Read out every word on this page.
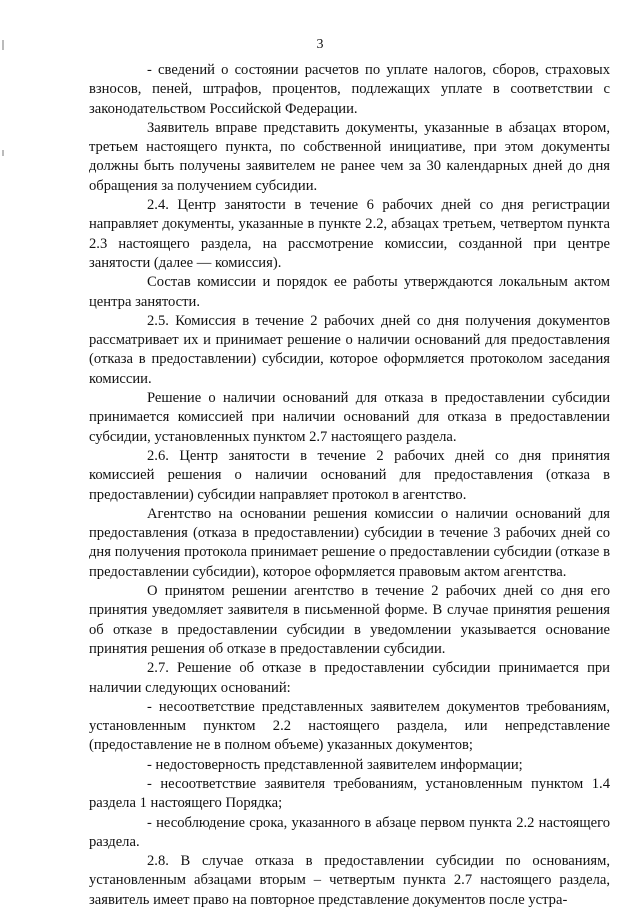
3

- сведений о состоянии расчетов по уплате налогов, сборов, страховых взносов, пеней, штрафов, процентов, подлежащих уплате в соответствии с законодательством Российской Федерации.

Заявитель вправе представить документы, указанные в абзацах втором, третьем настоящего пункта, по собственной инициативе, при этом документы должны быть получены заявителем не ранее чем за 30 календарных дней до дня обращения за получением субсидии.

2.4. Центр занятости в течение 6 рабочих дней со дня регистрации направляет документы, указанные в пункте 2.2, абзацах третьем, четвертом пункта 2.3 настоящего раздела, на рассмотрение комиссии, созданной при центре занятости (далее — комиссия).

Состав комиссии и порядок ее работы утверждаются локальным актом центра занятости.

2.5. Комиссия в течение 2 рабочих дней со дня получения документов рассматривает их и принимает решение о наличии оснований для предоставления (отказа в предоставлении) субсидии, которое оформляется протоколом заседания комиссии.

Решение о наличии оснований для отказа в предоставлении субсидии принимается комиссией при наличии оснований для отказа в предоставлении субсидии, установленных пунктом 2.7 настоящего раздела.

2.6. Центр занятости в течение 2 рабочих дней со дня принятия комиссией решения о наличии оснований для предоставления (отказа в предоставлении) субсидии направляет протокол в агентство.

Агентство на основании решения комиссии о наличии оснований для предоставления (отказа в предоставлении) субсидии в течение 3 рабочих дней со дня получения протокола принимает решение о предоставлении субсидии (отказе в предоставлении субсидии), которое оформляется правовым актом агентства.

О принятом решении агентство в течение 2 рабочих дней со дня его принятия уведомляет заявителя в письменной форме. В случае принятия решения об отказе в предоставлении субсидии в уведомлении указывается основание принятия решения об отказе в предоставлении субсидии.

2.7. Решение об отказе в предоставлении субсидии принимается при наличии следующих оснований:

- несоответствие представленных заявителем документов требованиям, установленным пунктом 2.2 настоящего раздела, или непредставление (предоставление не в полном объеме) указанных документов;

- недостоверность представленной заявителем информации;

- несоответствие заявителя требованиям, установленным пунктом 1.4 раздела 1 настоящего Порядка;

- несоблюдение срока, указанного в абзаце первом пункта 2.2 настоящего раздела.

2.8. В случае отказа в предоставлении субсидии по основаниям, установленным абзацами вторым – четвертым пункта 2.7 настоящего раздела, заявитель имеет право на повторное представление документов после устра-
